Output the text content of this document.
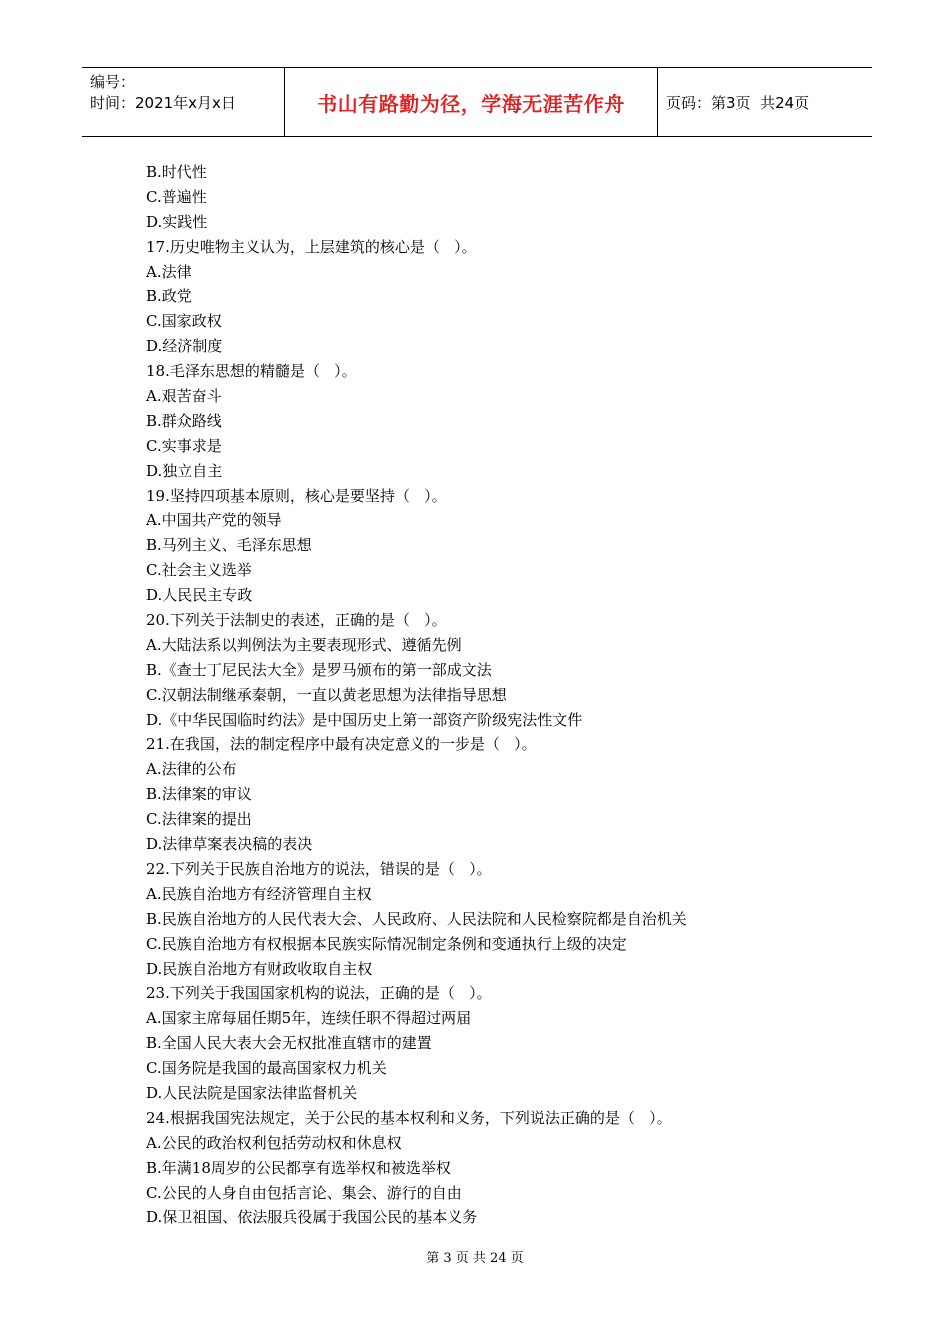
编号：
时间：2021年x月x日	书山有路勤为径，学海无涯苦作舟	页码：第3页  共24页
B.时代性
C.普遍性
D.实践性
17.历史唯物主义认为，上层建筑的核心是（   ）。
A.法律
B.政党
C.国家政权
D.经济制度
18.毛泽东思想的精髓是（   ）。
A.艰苦奋斗
B.群众路线
C.实事求是
D.独立自主
19.坚持四项基本原则，核心是要坚持（   ）。
A.中国共产党的领导
B.马列主义、毛泽东思想
C.社会主义选举
D.人民民主专政
20.下列关于法制史的表述，正确的是（   ）。
A.大陆法系以判例法为主要表现形式、遵循先例
B.《查士丁尼民法大全》是罗马颁布的第一部成文法
C.汉朝法制继承秦朝，一直以黄老思想为法律指导思想
D.《中华民国临时约法》是中国历史上第一部资产阶级宪法性文件
21.在我国，法的制定程序中最有决定意义的一步是（   ）。
A.法律的公布
B.法律案的审议
C.法律案的提出
D.法律草案表决稿的表决
22.下列关于民族自治地方的说法，错误的是（   ）。
A.民族自治地方有经济管理自主权
B.民族自治地方的人民代表大会、人民政府、人民法院和人民检察院都是自治机关
C.民族自治地方有权根据本民族实际情况制定条例和变通执行上级的决定
D.民族自治地方有财政收取自主权
23.下列关于我国国家机构的说法，正确的是（   ）。
A.国家主席每届任期5年，连续任职不得超过两届
B.全国人民大表大会无权批准直辖市的建置
C.国务院是我国的最高国家权力机关
D.人民法院是国家法律监督机关
24.根据我国宪法规定，关于公民的基本权利和义务，下列说法正确的是（   ）。
A.公民的政治权利包括劳动权和休息权
B.年满18周岁的公民都享有选举权和被选举权
C.公民的人身自由包括言论、集会、游行的自由
D.保卫祖国、依法服兵役属于我国公民的基本义务
第 3 页 共 24 页
